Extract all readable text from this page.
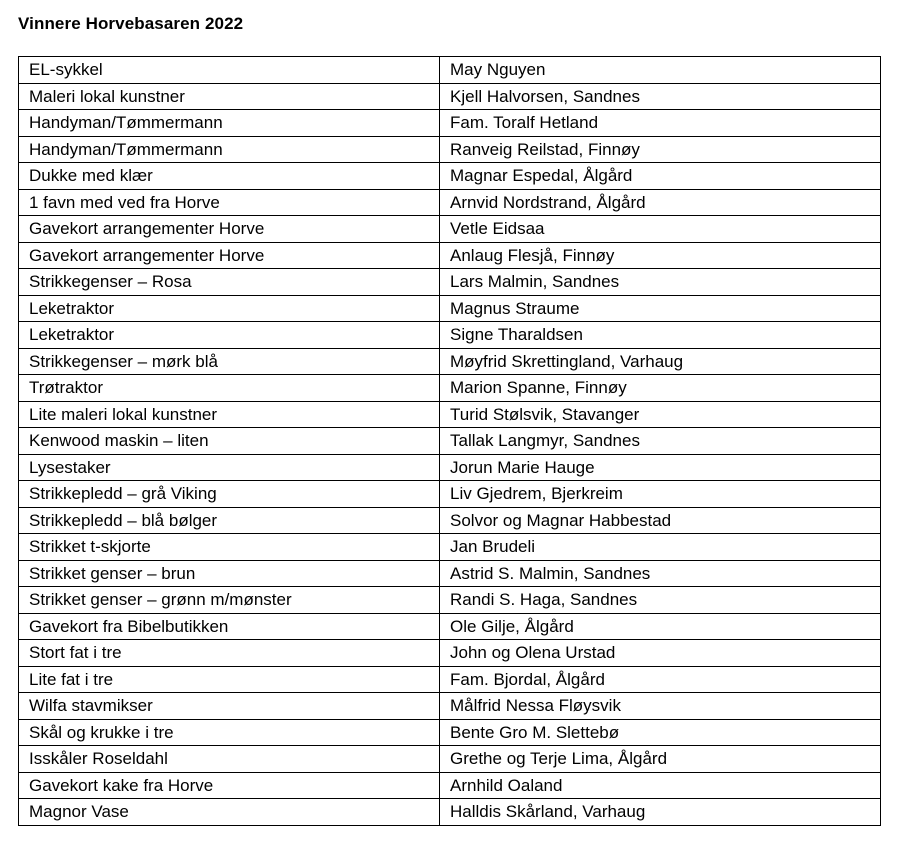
Vinnere Horvebasaren 2022
EL-sykkel	May Nguyen
Maleri lokal kunstner	Kjell Halvorsen, Sandnes
Handyman/Tømmermann	Fam. Toralf Hetland
Handyman/Tømmermann	Ranveig Reilstad, Finnøy
Dukke med klær	Magnar Espedal, Ålgård
1 favn med ved fra Horve	Arnvid Nordstrand, Ålgård
Gavekort arrangementer Horve	Vetle Eidsaa
Gavekort arrangementer Horve	Anlaug Flesjå, Finnøy
Strikkegenser – Rosa	Lars Malmin, Sandnes
Leketraktor	Magnus Straume
Leketraktor	Signe Tharaldsen
Strikkegenser – mørk blå	Møyfrid Skrettingland, Varhaug
Trøtraktor	Marion Spanne, Finnøy
Lite maleri lokal kunstner	Turid Stølsvik, Stavanger
Kenwood maskin – liten	Tallak Langmyr, Sandnes
Lysestaker	Jorun Marie Hauge
Strikkepledd – grå Viking	Liv Gjedrem, Bjerkreim
Strikkepledd – blå bølger	Solvor og Magnar Habbestad
Strikket t-skjorte	Jan Brudeli
Strikket genser – brun	Astrid S. Malmin, Sandnes
Strikket genser – grønn m/mønster	Randi S. Haga, Sandnes
Gavekort fra Bibelbutikken	Ole Gilje, Ålgård
Stort fat i tre	John og Olena Urstad
Lite fat i tre	Fam. Bjordal, Ålgård
Wilfa stavmikser	Målfrid Nessa Fløysvik
Skål og krukke i tre	Bente Gro M. Slettebø
Isskåler Roseldahl	Grethe og Terje Lima, Ålgård
Gavekort kake fra Horve	Arnhild Oaland
Magnor Vase	Halldis Skårland, Varhaug
